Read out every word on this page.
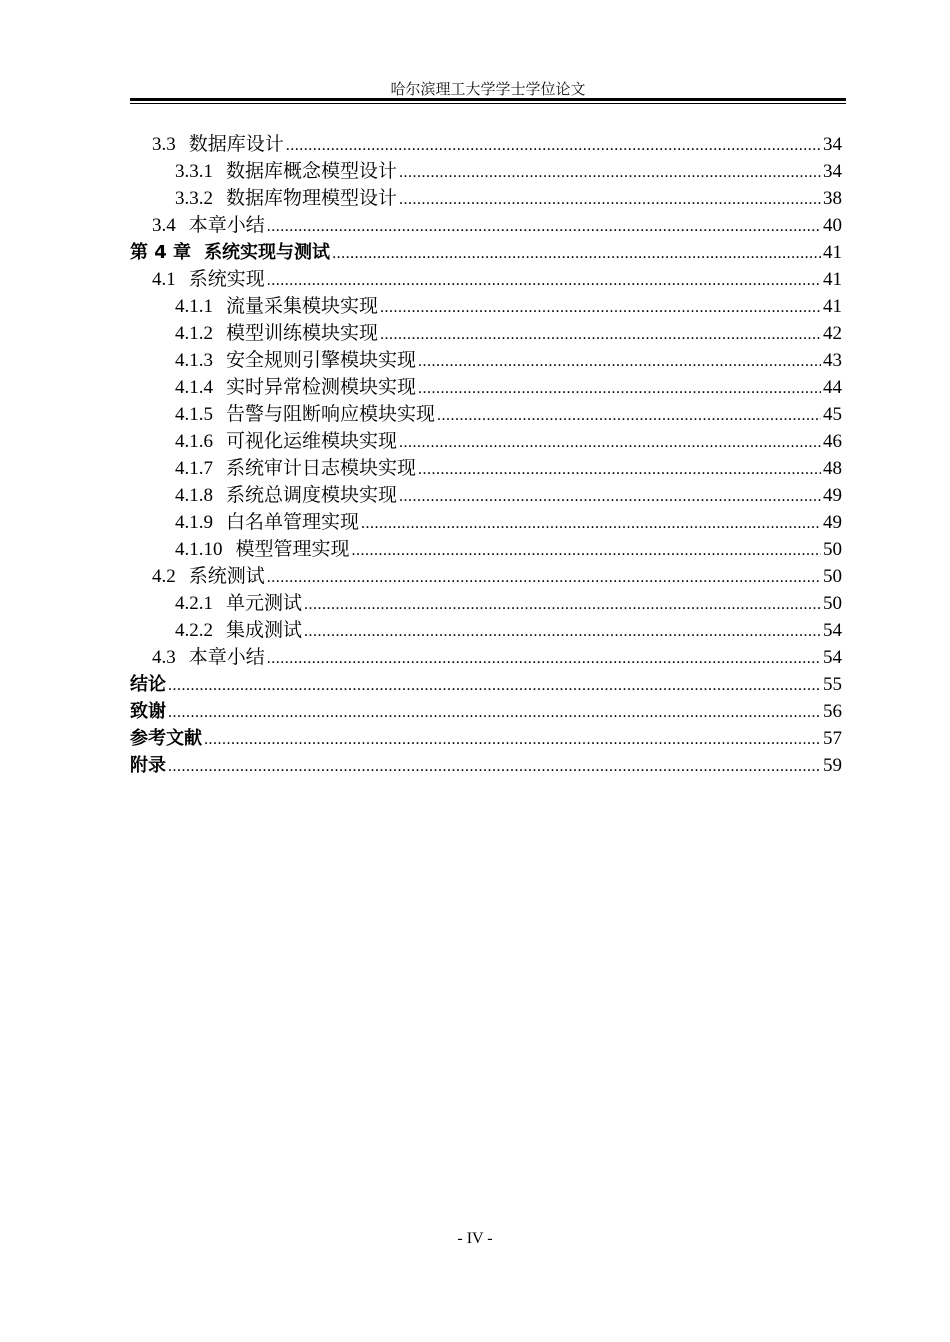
哈尔滨理工大学学士学位论文
3.3 数据库设计 .....	34
3.3.1 数据库概念模型设计 .....	34
3.3.2 数据库物理模型设计 .....	38
3.4 本章小结 .....	40
第 4 章 系统实现与测试 .....	41
4.1 系统实现 .....	41
4.1.1 流量采集模块实现 .....	41
4.1.2 模型训练模块实现 .....	42
4.1.3 安全规则引擎模块实现 .....	43
4.1.4 实时异常检测模块实现 .....	44
4.1.5 告警与阻断响应模块实现 .....	45
4.1.6 可视化运维模块实现 .....	46
4.1.7 系统审计日志模块实现 .....	48
4.1.8 系统总调度模块实现 .....	49
4.1.9 白名单管理实现 .....	49
4.1.10 模型管理实现 .....	50
4.2 系统测试 .....	50
4.2.1 单元测试 .....	50
4.2.2 集成测试 .....	54
4.3 本章小结 .....	54
结论 .....	55
致谢 .....	56
参考文献 .....	57
附录 .....	59
- IV -
